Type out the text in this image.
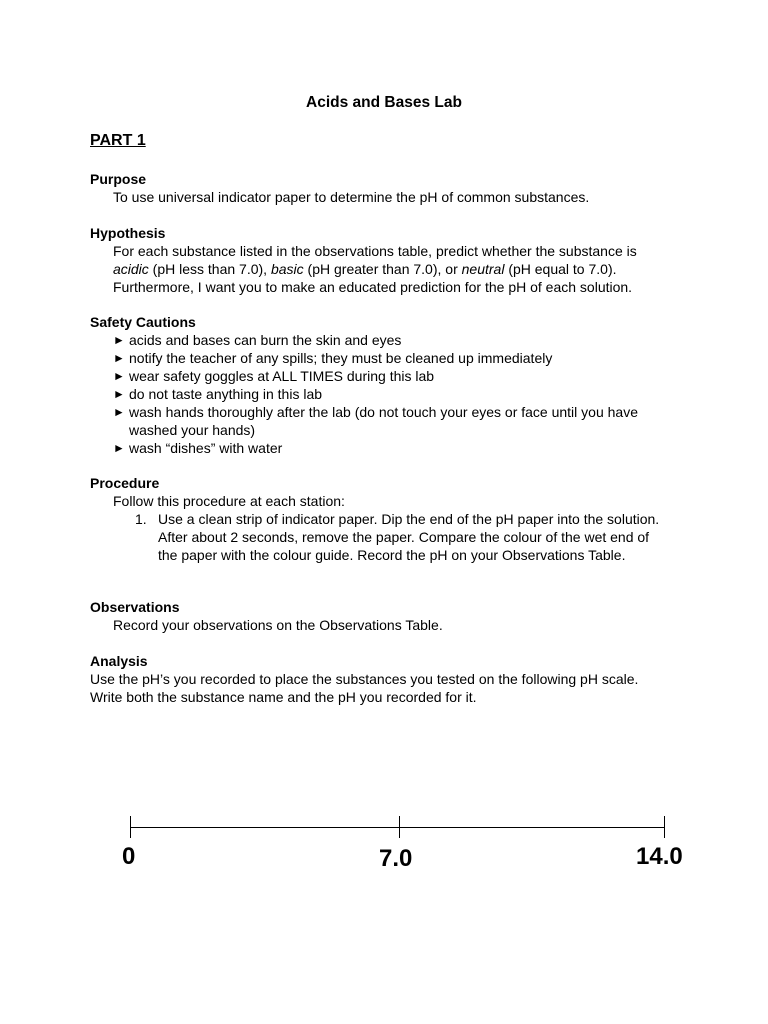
Acids and Bases Lab
PART 1
Purpose
To use universal indicator paper to determine the pH of common substances.
Hypothesis
For each substance listed in the observations table, predict whether the substance is
acidic (pH less than 7.0), basic (pH greater than 7.0), or neutral (pH equal to 7.0).
Furthermore, I want you to make an educated prediction for the pH of each solution.
Safety Cautions
► acids and bases can burn the skin and eyes
► notify the teacher of any spills; they must be cleaned up immediately
► wear safety goggles at ALL TIMES during this lab
► do not taste anything in this lab
► wash hands thoroughly after the lab (do not touch your eyes or face until you have washed your hands)
► wash “dishes” with water
Procedure
Follow this procedure at each station:
1. Use a clean strip of indicator paper. Dip the end of the pH paper into the solution. After about 2 seconds, remove the paper. Compare the colour of the wet end of the paper with the colour guide. Record the pH on your Observations Table.
Observations
Record your observations on the Observations Table.
Analysis
Use the pH’s you recorded to place the substances you tested on the following pH scale. Write both the substance name and the pH you recorded for it.
0	7.0	14.0
